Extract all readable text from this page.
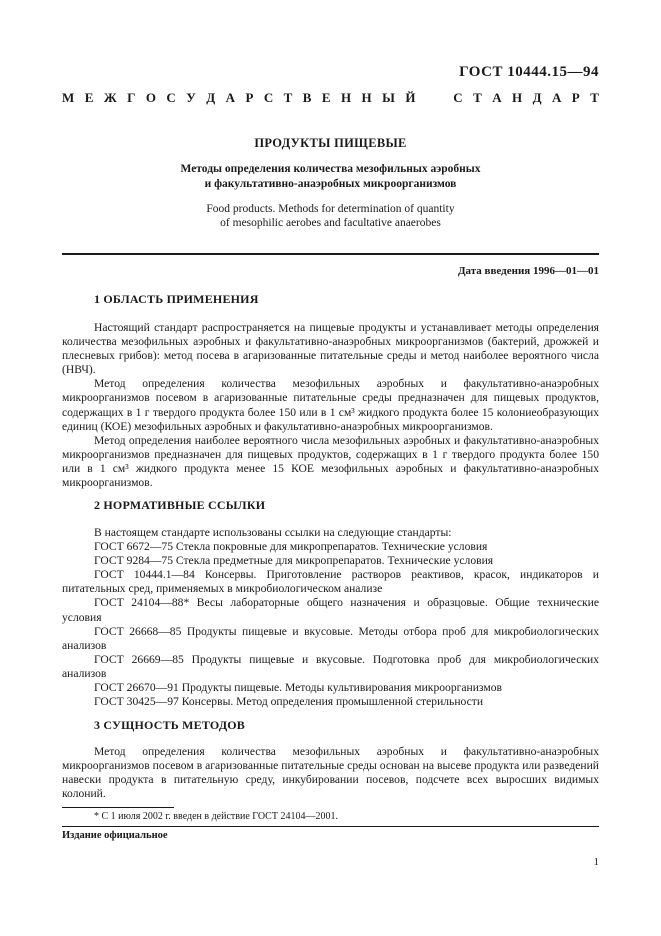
ГОСТ 10444.15—94
М Е Ж Г О С У Д А Р С Т В Е Н Н Ы Й

	С Т А Н Д А Р Т
ПРОДУКТЫ ПИЩЕВЫЕ
Методы определения количества мезофильных аэробных
и факультативно-анаэробных микроорганизмов
Food products. Methods for determination of quantity
of mesophilic aerobes and facultative anaerobes
Дата введения 1996—01—01
1 ОБЛАСТЬ ПРИМЕНЕНИЯ

Настоящий стандарт распространяется на пищевые продукты и устанавливает методы определения количества мезофильных аэробных и факультативно-анаэробных микроорганизмов (бактерий, дрожжей и плесневых грибов): метод посева в агаризованные питательные среды и метод наиболее вероятного числа (НВЧ).

Метод определения количества мезофильных аэробных и факультативно-анаэробных микроорганизмов посевом в агаризованные питательные среды предназначен для пищевых продуктов, содержащих в 1 г твердого продукта более 150 или в 1 см³ жидкого продукта более 15 колониеобразующих единиц (КОЕ) мезофильных аэробных и факультативно-анаэробных микроорганизмов.

Метод определения наиболее вероятного числа мезофильных аэробных и факультативно-анаэробных микроорганизмов предназначен для пищевых продуктов, содержащих в 1 г твердого продукта более 150 или в 1 см³ жидкого продукта менее 15 КОЕ мезофильных аэробных и факультативно-анаэробных микроорганизмов.

2 НОРМАТИВНЫЕ ССЫЛКИ

В настоящем стандарте использованы ссылки на следующие стандарты:

ГОСТ 6672—75 Стекла покровные для микропрепаратов. Технические условия

ГОСТ 9284—75 Стекла предметные для микропрепаратов. Технические условия

ГОСТ 10444.1—84 Консервы. Приготовление растворов реактивов, красок, индикаторов и питательных сред, применяемых в микробиологическом анализе

ГОСТ 24104—88* Весы лабораторные общего назначения и образцовые. Общие технические условия

ГОСТ 26668—85 Продукты пищевые и вкусовые. Методы отбора проб для микробиологических анализов

ГОСТ 26669—85 Продукты пищевые и вкусовые. Подготовка проб для микробиологических анализов

ГОСТ 26670—91 Продукты пищевые. Методы культивирования микроорганизмов

ГОСТ 30425—97 Консервы. Метод определения промышленной стерильности

3 СУЩНОСТЬ МЕТОДОВ

Метод определения количества мезофильных аэробных и факультативно-анаэробных микроорганизмов посевом в агаризованные питательные среды основан на высеве продукта или разведений навески продукта в питательную среду, инкубировании посевов, подсчете всех выросших видимых колоний.

* С 1 июля 2002 г. введен в действие ГОСТ 24104—2001.
Издание официальное
1
